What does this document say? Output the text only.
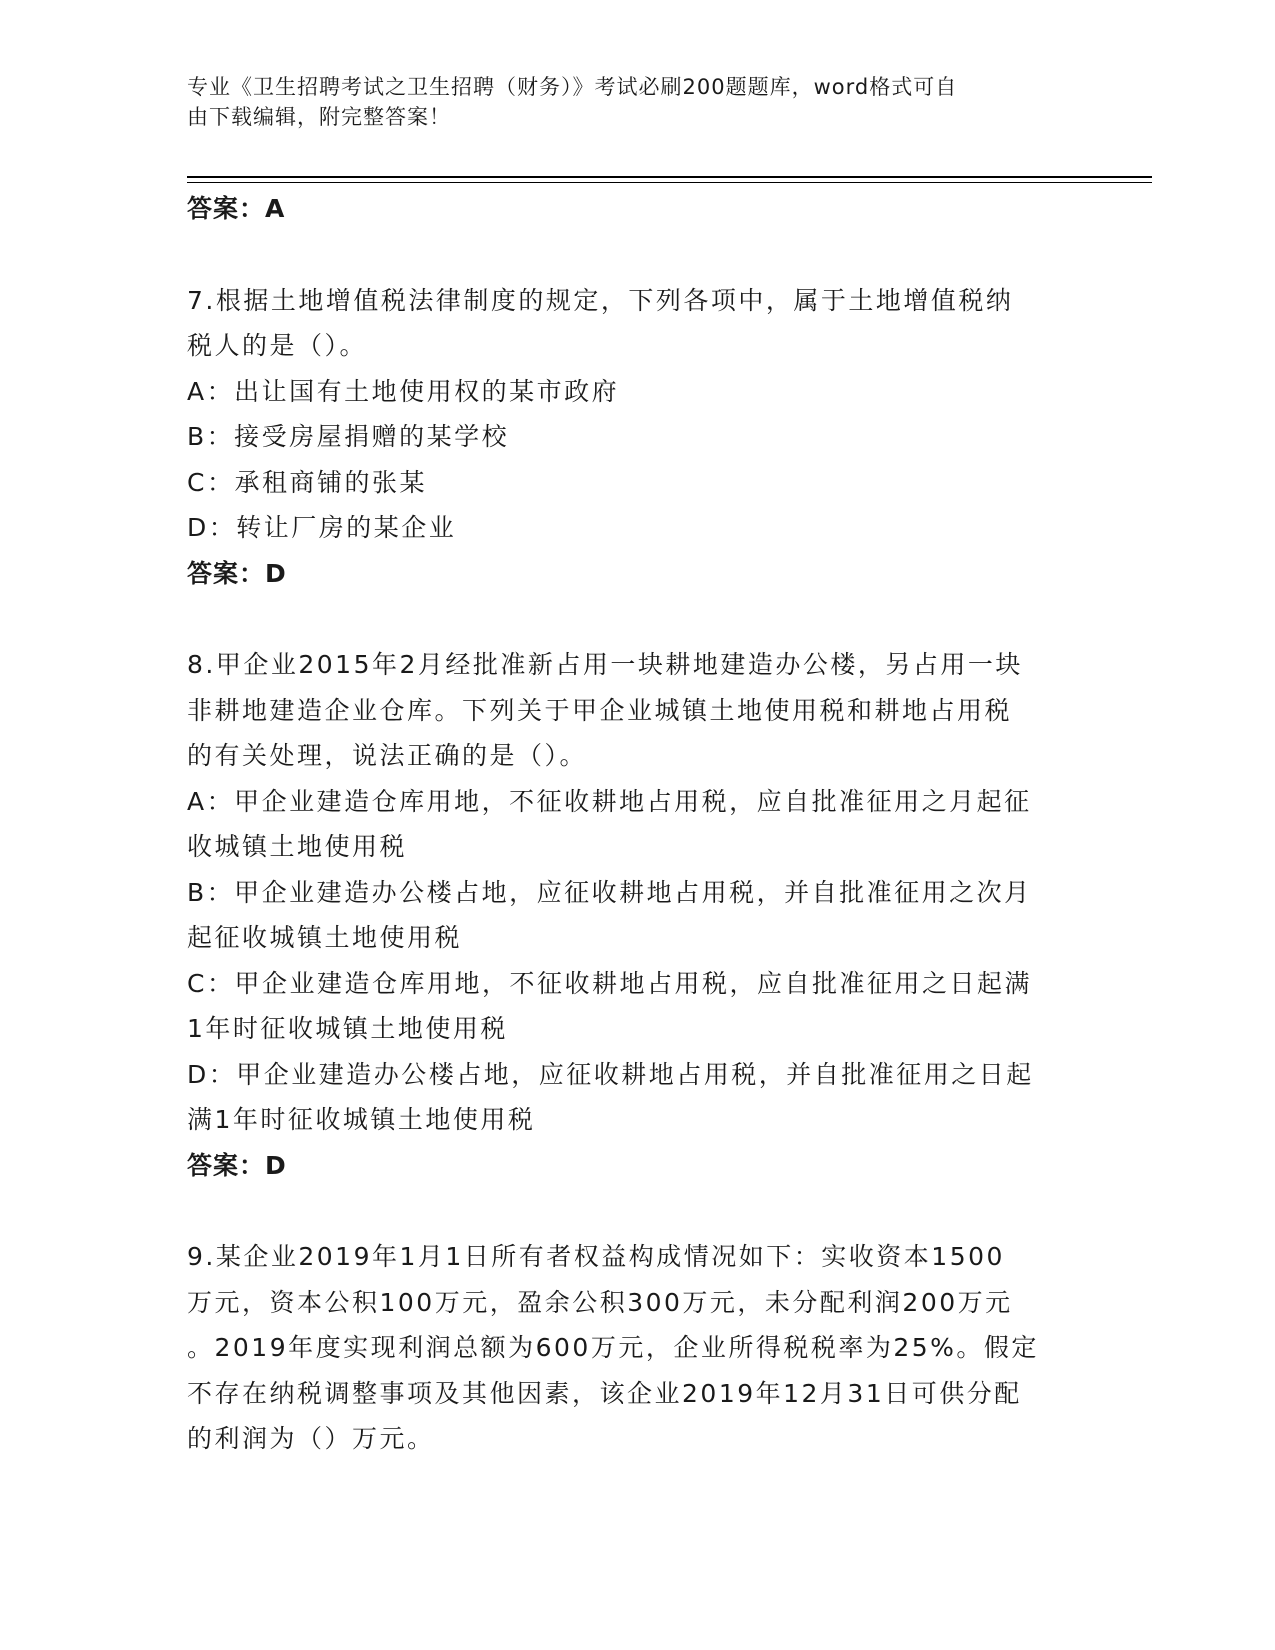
专业《卫生招聘考试之卫生招聘（财务）》考试必刷200题题库，word格式可自
由下载编辑，附完整答案！
答案：A
7.根据土地增值税法律制度的规定，下列各项中，属于土地增值税纳
税人的是（）。
A：出让国有土地使用权的某市政府
B：接受房屋捐赠的某学校
C：承租商铺的张某
D：转让厂房的某企业
答案：D
8.甲企业2015年2月经批准新占用一块耕地建造办公楼，另占用一块
非耕地建造企业仓库。下列关于甲企业城镇土地使用税和耕地占用税
的有关处理，说法正确的是（）。
A：甲企业建造仓库用地，不征收耕地占用税，应自批准征用之月起征
收城镇土地使用税
B：甲企业建造办公楼占地，应征收耕地占用税，并自批准征用之次月
起征收城镇土地使用税
C：甲企业建造仓库用地，不征收耕地占用税，应自批准征用之日起满
1年时征收城镇土地使用税
D：甲企业建造办公楼占地，应征收耕地占用税，并自批准征用之日起
满1年时征收城镇土地使用税
答案：D
9.某企业2019年1月1日所有者权益构成情况如下：实收资本1500
万元，资本公积100万元，盈余公积300万元，未分配利润200万元
。2019年度实现利润总额为600万元，企业所得税税率为25%。假定
不存在纳税调整事项及其他因素，该企业2019年12月31日可供分配
的利润为（）万元。
